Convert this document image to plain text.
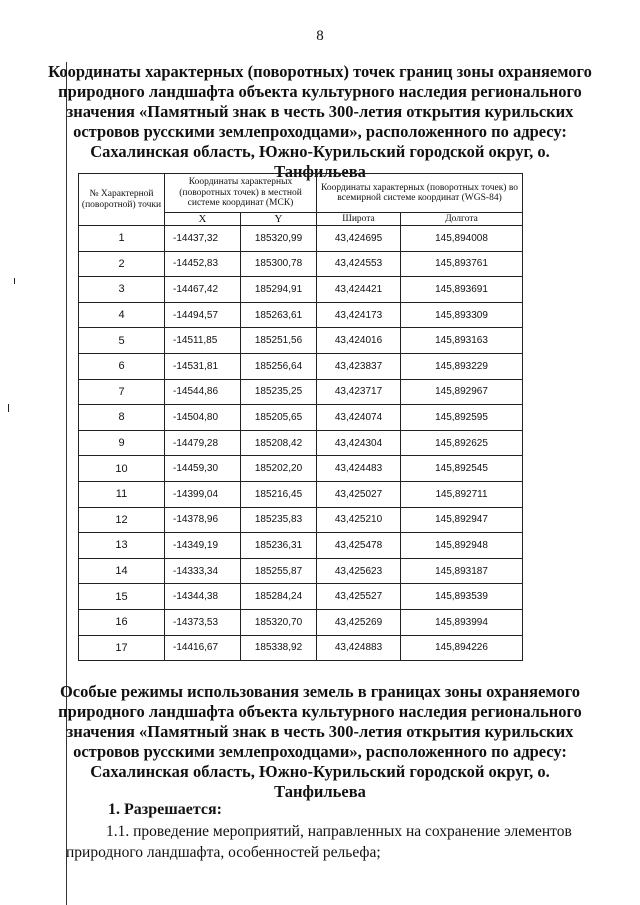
8
Координаты характерных (поворотных) точек границ зоны охраняемого
природного ландшафта объекта культурного наследия регионального
значения «Памятный знак в честь 300-летия открытия курильских
островов русскими землепроходцами», расположенного по адресу:
Сахалинская область, Южно-Курильский городской округ, о.
Танфильева
№ Характерной (поворотной) точки	Координаты характерных (поворотных точек) в местной системе координат (МСК)		Координаты характерных (поворотных точек) во всемирной системе координат (WGS-84)	
	X	Y	Широта	Долгота
1	-14437,32	185320,99	43,424695	145,894008
2	-14452,83	185300,78	43,424553	145,893761
3	-14467,42	185294,91	43,424421	145,893691
4	-14494,57	185263,61	43,424173	145,893309
5	-14511,85	185251,56	43,424016	145,893163
6	-14531,81	185256,64	43,423837	145,893229
7	-14544,86	185235,25	43,423717	145,892967
8	-14504,80	185205,65	43,424074	145,892595
9	-14479,28	185208,42	43,424304	145,892625
10	-14459,30	185202,20	43,424483	145,892545
11	-14399,04	185216,45	43,425027	145,892711
12	-14378,96	185235,83	43,425210	145,892947
13	-14349,19	185236,31	43,425478	145,892948
14	-14333,34	185255,87	43,425623	145,893187
15	-14344,38	185284,24	43,425527	145,893539
16	-14373,53	185320,70	43,425269	145,893994
17	-14416,67	185338,92	43,424883	145,894226
Особые режимы использования земель в границах зоны охраняемого
природного ландшафта объекта культурного наследия регионального
значения «Памятный знак в честь 300-летия открытия курильских
островов русскими землепроходцами», расположенного по адресу:
Сахалинская область, Южно-Курильский городской округ, о.
Танфильева
1. Разрешается:
1.1. проведение мероприятий, направленных на сохранение элементов природного ландшафта, особенностей рельефа;
